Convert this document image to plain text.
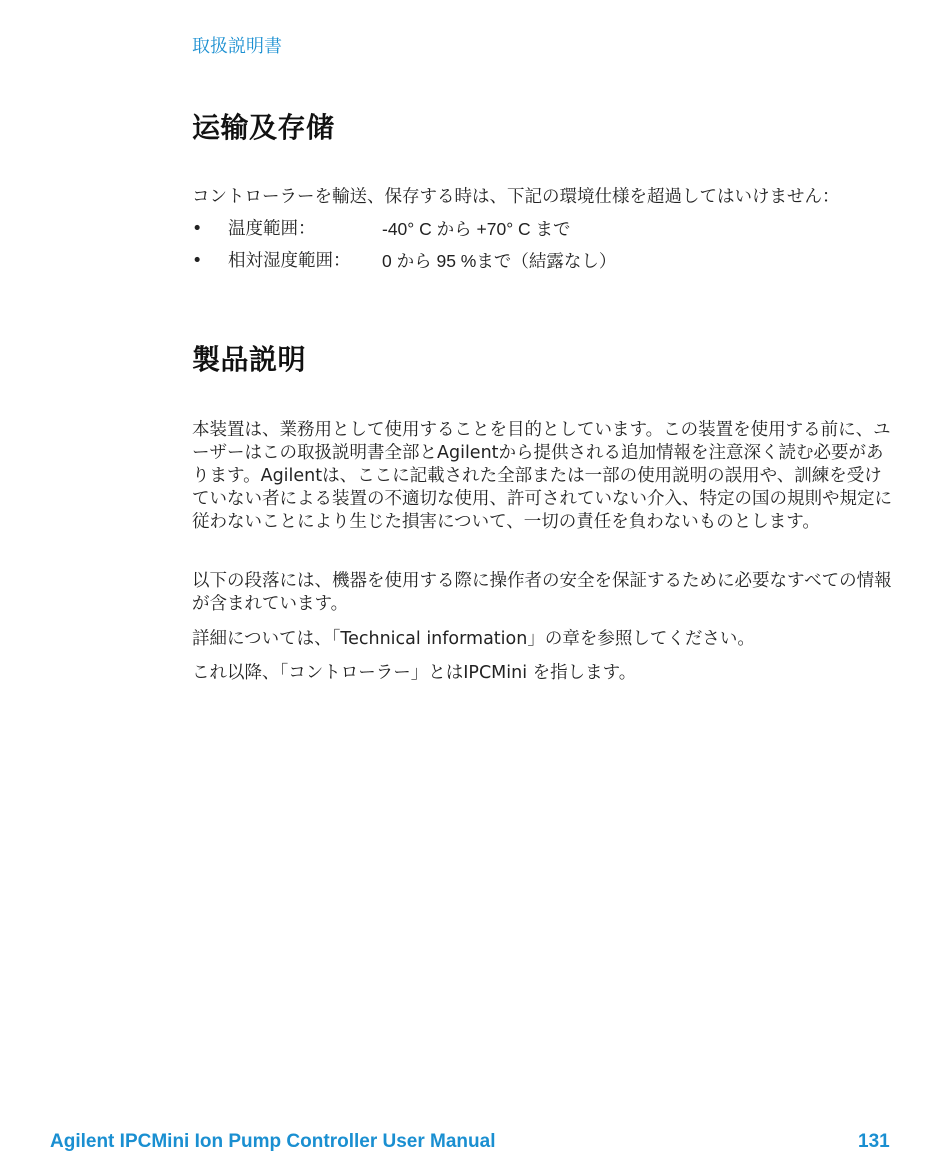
取扱説明書
运输及存储
コントローラーを輸送、保存する時は、下記の環境仕様を超過してはいけません：
• 温度範囲：	-40° C から +70° C まで
• 相対湿度範囲： 0 から 95 %まで（結露なし）
製品説明
本装置は、業務用として使用することを目的としています。この装置を使用する前に、ユーザーはこの取扱説明書全部とAgilentから提供される追加情報を注意深く読む必要があります。Agilentは、ここに記載された全部または一部の使用説明の誤用や、訓練を受けていない者による装置の不適切な使用、許可されていない介入、特定の国の規則や規定に従わないことにより生じた損害について、一切の責任を負わないものとします。
以下の段落には、機器を使用する際に操作者の安全を保証するために必要なすべての情報が含まれています。
詳細については、「Technical information」の章を参照してください。
これ以降、「コントローラー」とはIPCMini を指します。
Agilent IPCMini Ion Pump Controller User Manual	131
